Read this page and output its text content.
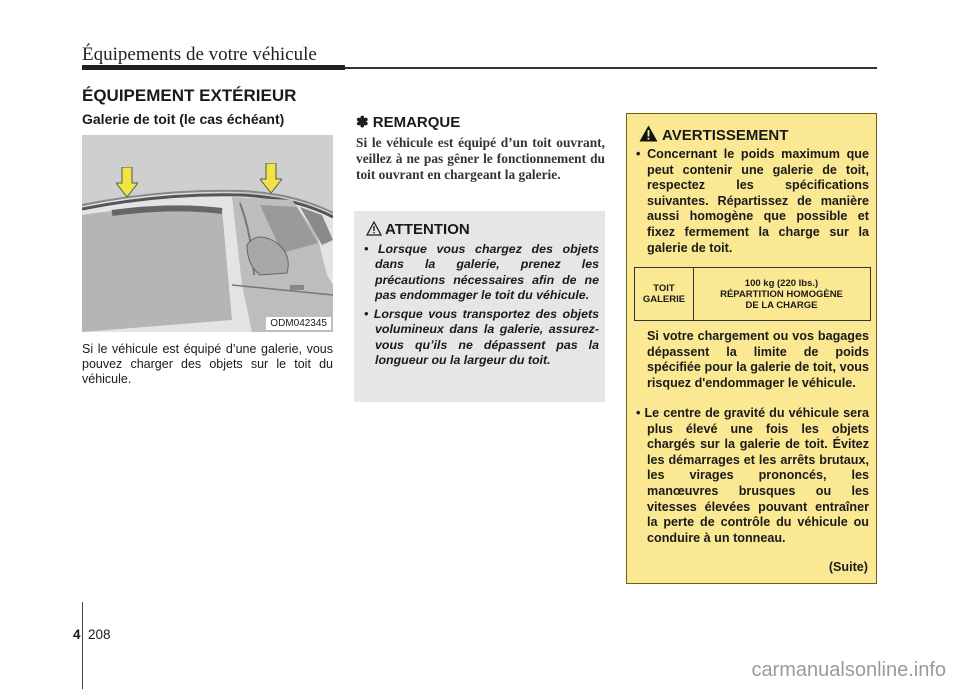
Équipements de votre véhicule
ÉQUIPEMENT EXTÉRIEUR
Galerie de toit (le cas échéant)
ODM042345
Si le véhicule est équipé d’une galerie, vous pouvez charger des objets sur le toit du véhicule.
✽ REMARQUE
Si le véhicule est équipé d’un toit ouvrant, veillez à ne pas gêner le fonctionnement du toit ouvrant en chargeant la galerie.
ATTENTION
• Lorsque vous chargez des objets dans la galerie, prenez les précautions nécessaires afin de ne pas endommager le toit du véhicule.
• Lorsque vous transportez des objets volumineux dans la galerie, assurez-vous qu’ils ne dépassent pas la longueur ou la largeur du toit.
AVERTISSEMENT
• Concernant le poids maximum que peut contenir une galerie de toit, respectez les spécifications suivantes. Répartissez de manière aussi homogène que possible et fixez fermement la charge sur la galerie de toit.
TOIT
GALERIE
100 kg (220 lbs.)
RÉPARTITION HOMOGÈNE
DE LA CHARGE
Si votre chargement ou vos bagages dépassent la limite de poids spécifiée pour la galerie de toit, vous risquez d'endommager le véhicule.
• Le centre de gravité du véhicule sera plus élevé une fois les objets chargés sur la galerie de toit. Évitez les démarrages et les arrêts brutaux, les virages prononcés, les manœuvres brusques ou les vitesses élevées pouvant entraîner la perte de contrôle du véhicule ou conduire à un tonneau.
(Suite)
4 208
carmanualsonline.info
